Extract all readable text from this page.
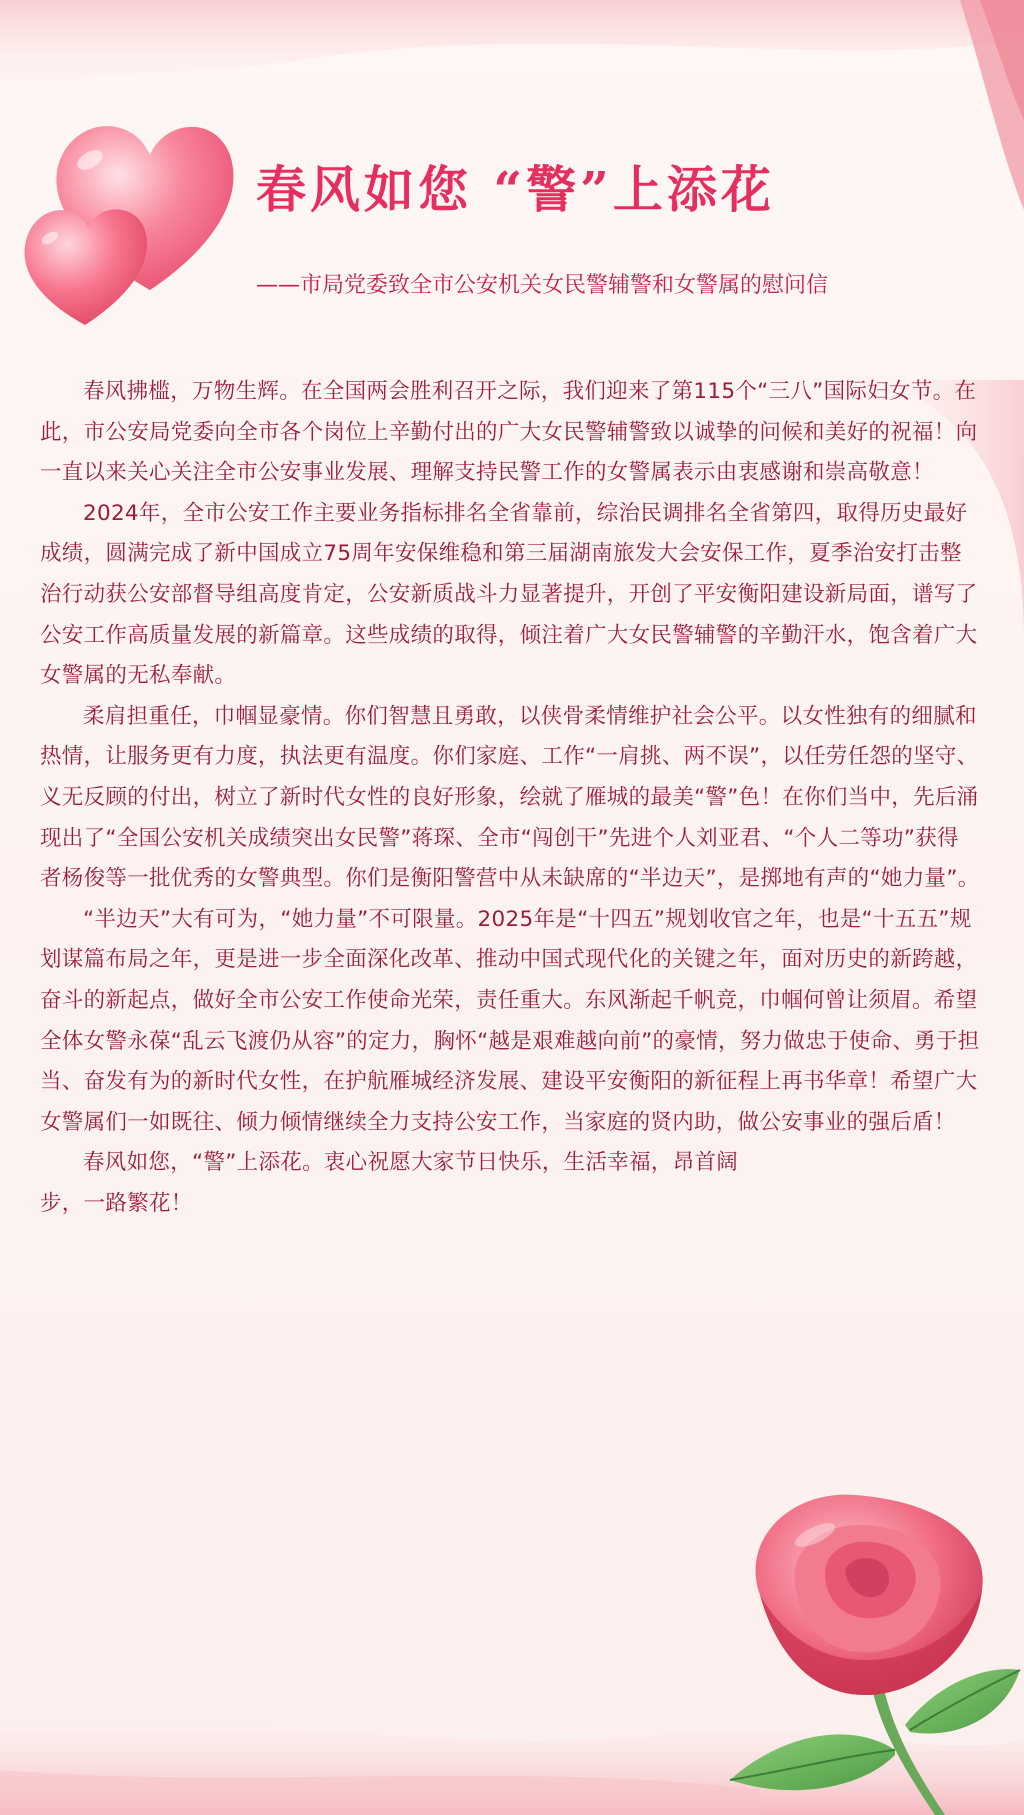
春风如您 “警”上添花
——市局党委致全市公安机关女民警辅警和女警属的慰问信

春风拂槛，万物生辉。在全国两会胜利召开之际，我们迎来了第115个“三八”国际妇女节。在此，市公安局党委向全市各个岗位上辛勤付出的广大女民警辅警致以诚挚的问候和美好的祝福！向一直以来关心关注全市公安事业发展、理解支持民警工作的女警属表示由衷感谢和崇高敬意！

2024年，全市公安工作主要业务指标排名全省靠前，综治民调排名全省第四，取得历史最好成绩，圆满完成了新中国成立75周年安保维稳和第三届湖南旅发大会安保工作，夏季治安打击整治行动获公安部督导组高度肯定，公安新质战斗力显著提升，开创了平安衡阳建设新局面，谱写了公安工作高质量发展的新篇章。这些成绩的取得，倾注着广大女民警辅警的辛勤汗水，饱含着广大女警属的无私奉献。

柔肩担重任，巾帼显豪情。你们智慧且勇敢，以侠骨柔情维护社会公平。以女性独有的细腻和热情，让服务更有力度，执法更有温度。你们家庭、工作“一肩挑、两不误”，以任劳任怨的坚守、义无反顾的付出，树立了新时代女性的良好形象，绘就了雁城的最美“警”色！在你们当中，先后涌现出了“全国公安机关成绩突出女民警”蒋琛、全市“闯创干”先进个人刘亚君、“个人二等功”获得者杨俊等一批优秀的女警典型。你们是衡阳警营中从未缺席的“半边天”，是掷地有声的“她力量”。

“半边天”大有可为，“她力量”不可限量。2025年是“十四五”规划收官之年，也是“十五五”规划谋篇布局之年，更是进一步全面深化改革、推动中国式现代化的关键之年，面对历史的新跨越，奋斗的新起点，做好全市公安工作使命光荣，责任重大。东风渐起千帆竞，巾帼何曾让须眉。希望全体女警永葆“乱云飞渡仍从容”的定力，胸怀“越是艰难越向前”的豪情，努力做忠于使命、勇于担当、奋发有为的新时代女性，在护航雁城经济发展、建设平安衡阳的新征程上再书华章！希望广大女警属们一如既往、倾力倾情继续全力支持公安工作，当家庭的贤内助，做公安事业的强后盾！

春风如您，“警”上添花。衷心祝愿大家节日快乐，生活幸福，昂首阔步，一路繁花！
